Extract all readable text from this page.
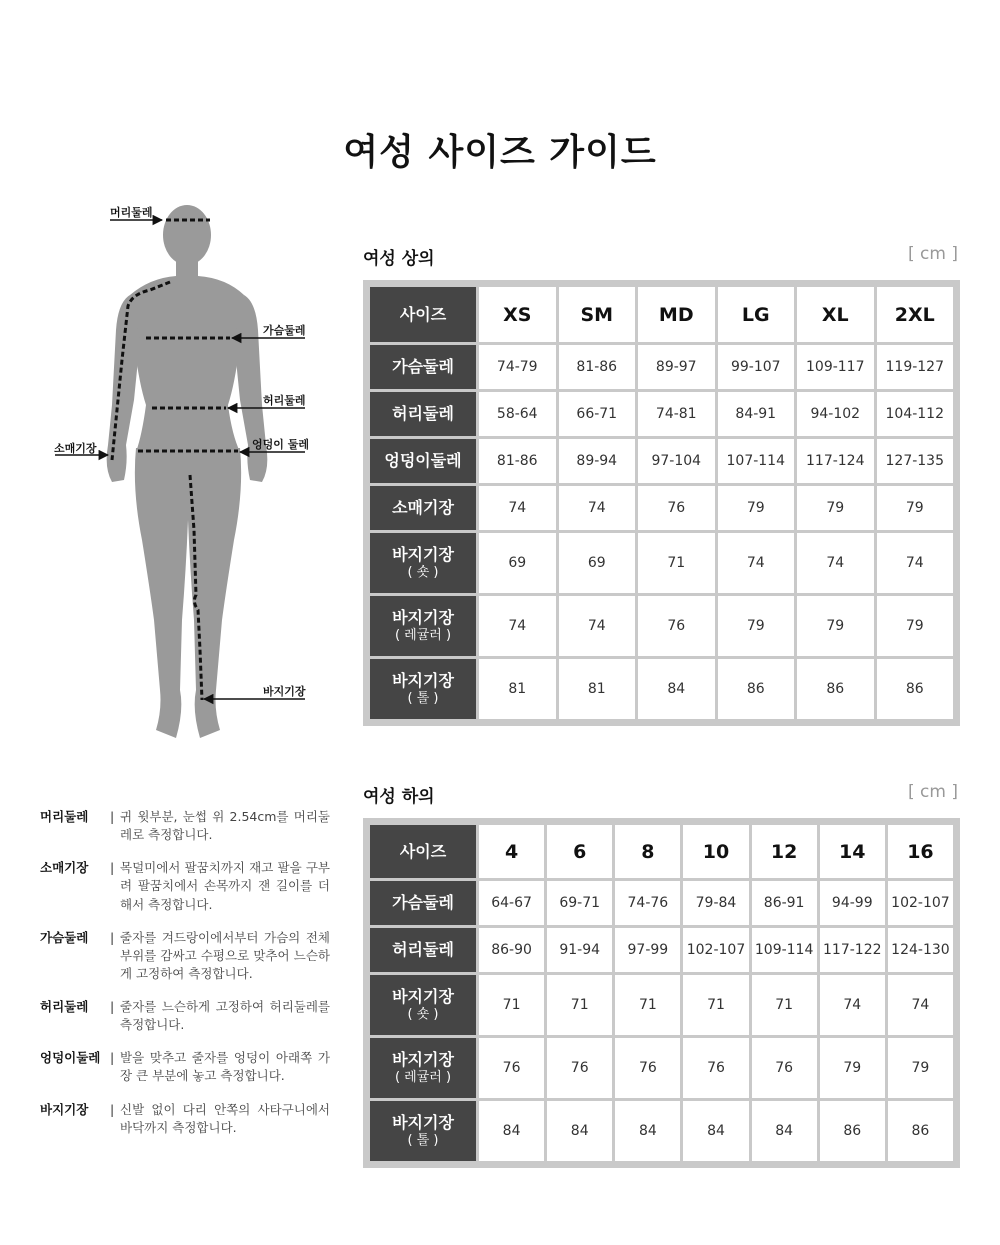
여성 사이즈 가이드
머리둘레
가슴둘레
허리둘레
엉덩이 둘레
소매기장
바지기장
여성 상의	[ cm ]
사이즈	XS	SM	MD	LG	XL	2XL
가슴둘레	74-79	81-86	89-97	99-107	109-117	119-127
허리둘레	58-64	66-71	74-81	84-91	94-102	104-112
엉덩이둘레	81-86	89-94	97-104	107-114	117-124	127-135
소매기장	74	74	76	79	79	79
바지기장
( 숏 )	69	69	71	74	74	74
바지기장
( 레귤러 )	74	74	76	79	79	79
바지기장
( 톨 )	81	81	84	86	86	86
여성 하의	[ cm ]
사이즈	4	6	8	10	12	14	16
가슴둘레	64-67	69-71	74-76	79-84	86-91	94-99	102-107
허리둘레	86-90	91-94	97-99	102-107	109-114	117-122	124-130
바지기장
( 숏 )	71	71	71	71	71	74	74
바지기장
( 레귤러 )	76	76	76	76	76	79	79
바지기장
( 톨 )	84	84	84	84	84	86	86
머리둘레	| 귀 윗부분, 눈썹 위 2.54cm를 머리둘레로 측정합니다.
소매기장	| 목덜미에서 팔꿈치까지 재고 팔을 구부려 팔꿈치에서 손목까지 잰 길이를 더해서 측정합니다.
가슴둘레	| 줄자를 겨드랑이에서부터 가슴의 전체 부위를 감싸고 수평으로 맞추어 느슨하게 고정하여 측정합니다.
허리둘레	| 줄자를 느슨하게 고정하여 허리둘레를 측정합니다.
엉덩이둘레 | 발을 맞추고 줄자를 엉덩이 아래쪽 가장 큰 부분에 놓고 측정합니다.
바지기장	| 신발 없이 다리 안쪽의 사타구니에서 바닥까지 측정합니다.
